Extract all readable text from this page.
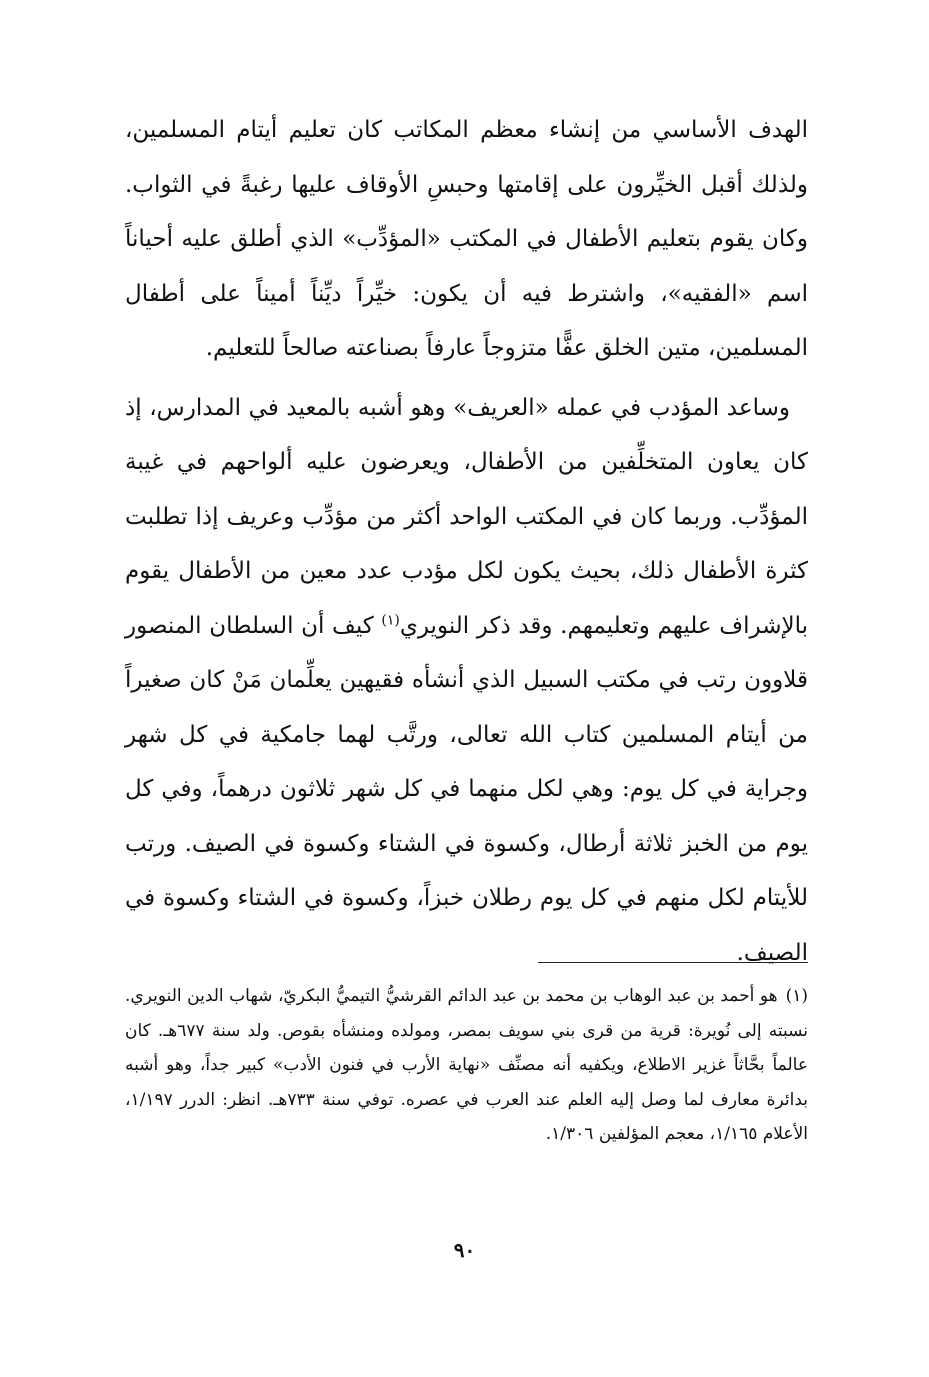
الهدف الأساسي من إنشاء معظم المكاتب كان تعليم أيتام المسلمين، ولذلك أقبل الخيِّرون على إقامتها وحبسِ الأوقاف عليها رغبةً في الثواب. وكان يقوم بتعليم الأطفال في المكتب «المؤدِّب» الذي أطلق عليه أحياناً اسم «الفقيه»، واشترط فيه أن يكون: خيِّراً ديِّناً أميناً على أطفال المسلمين، متين الخلق عفًّا متزوجاً عارفاً بصناعته صالحاً للتعليم.

وساعد المؤدب في عمله «العريف» وهو أشبه بالمعيد في المدارس، إذ كان يعاون المتخلِّفين من الأطفال، ويعرضون عليه ألواحهم في غيبة المؤدِّب. وربما كان في المكتب الواحد أكثر من مؤدِّب وعريف إذا تطلبت كثرة الأطفال ذلك، بحيث يكون لكل مؤدب عدد معين من الأطفال يقوم بالإشراف عليهم وتعليمهم. وقد ذكر النويري$^{(١)}$ كيف أن السلطان المنصور قلاوون رتب في مكتب السبيل الذي أنشأه فقيهين يعلِّمان مَنْ كان صغيراً من أيتام المسلمين كتاب الله تعالى، ورتَّب لهما جامكية في كل شهر وجراية في كل يوم: وهي لكل منهما في كل شهر ثلاثون درهماً، وفي كل يوم من الخبز ثلاثة أرطال، وكسوة في الشتاء وكسوة في الصيف. ورتب للأيتام لكل منهم في كل يوم رطلان خبزاً، وكسوة في الشتاء وكسوة في الصيف.

(١)هو أحمد بن عبد الوهاب بن محمد بن عبد الدائم القرشيُّ التيميُّ البكريّ، شهاب الدين النويري. نسبته إلى نُويرة: قرية من قرى بني سويف بمصر، ومولده ومنشأه بقوص. ولد سنة ٦٧٧هـ. كان عالماً بحَّاثاً غزير الاطلاع، ويكفيه أنه مصنِّف «نهاية الأرب في فنون الأدب» كبير جداً، وهو أشبه بدائرة معارف لما وصل إليه العلم عند العرب في عصره. توفي سنة ٧٣٣هـ. انظر: الدرر ١/١٩٧، الأعلام ١/١٦٥، معجم المؤلفين ١/٣٠٦.

٩٠
